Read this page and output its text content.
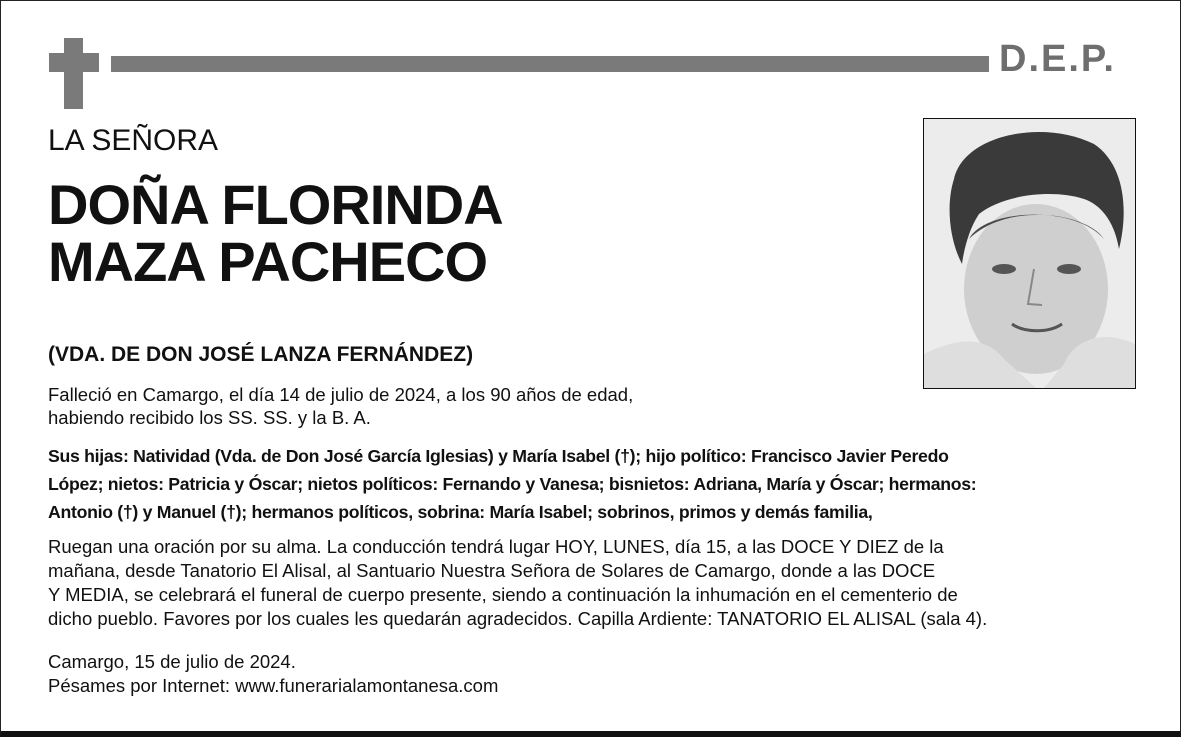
D.E.P.
LA SEÑORA
DOÑA FLORINDA
MAZA PACHECO
(VDA. DE DON JOSÉ LANZA FERNÁNDEZ)
Falleció en Camargo, el día 14 de julio de 2024, a los 90 años de edad,
habiendo recibido los SS. SS. y la B. A.
Sus hijas: Natividad (Vda. de Don José García Iglesias) y María Isabel (†); hijo político: Francisco Javier Peredo
López; nietos: Patricia y Óscar; nietos políticos: Fernando y Vanesa; bisnietos: Adriana, María y Óscar; hermanos:
Antonio (†) y Manuel (†); hermanos políticos, sobrina: María Isabel; sobrinos, primos y demás familia,
Ruegan una oración por su alma. La conducción tendrá lugar HOY, LUNES, día 15, a las DOCE Y DIEZ de la
mañana, desde Tanatorio El Alisal, al Santuario Nuestra Señora de Solares de Camargo, donde a las DOCE
Y MEDIA, se celebrará el funeral de cuerpo presente, siendo a continuación la inhumación en el cementerio de
dicho pueblo. Favores por los cuales les quedarán agradecidos. Capilla Ardiente: TANATORIO EL ALISAL (sala 4).
Camargo, 15 de julio de 2024.
Pésames por Internet: www.funerarialamontanesa.com
